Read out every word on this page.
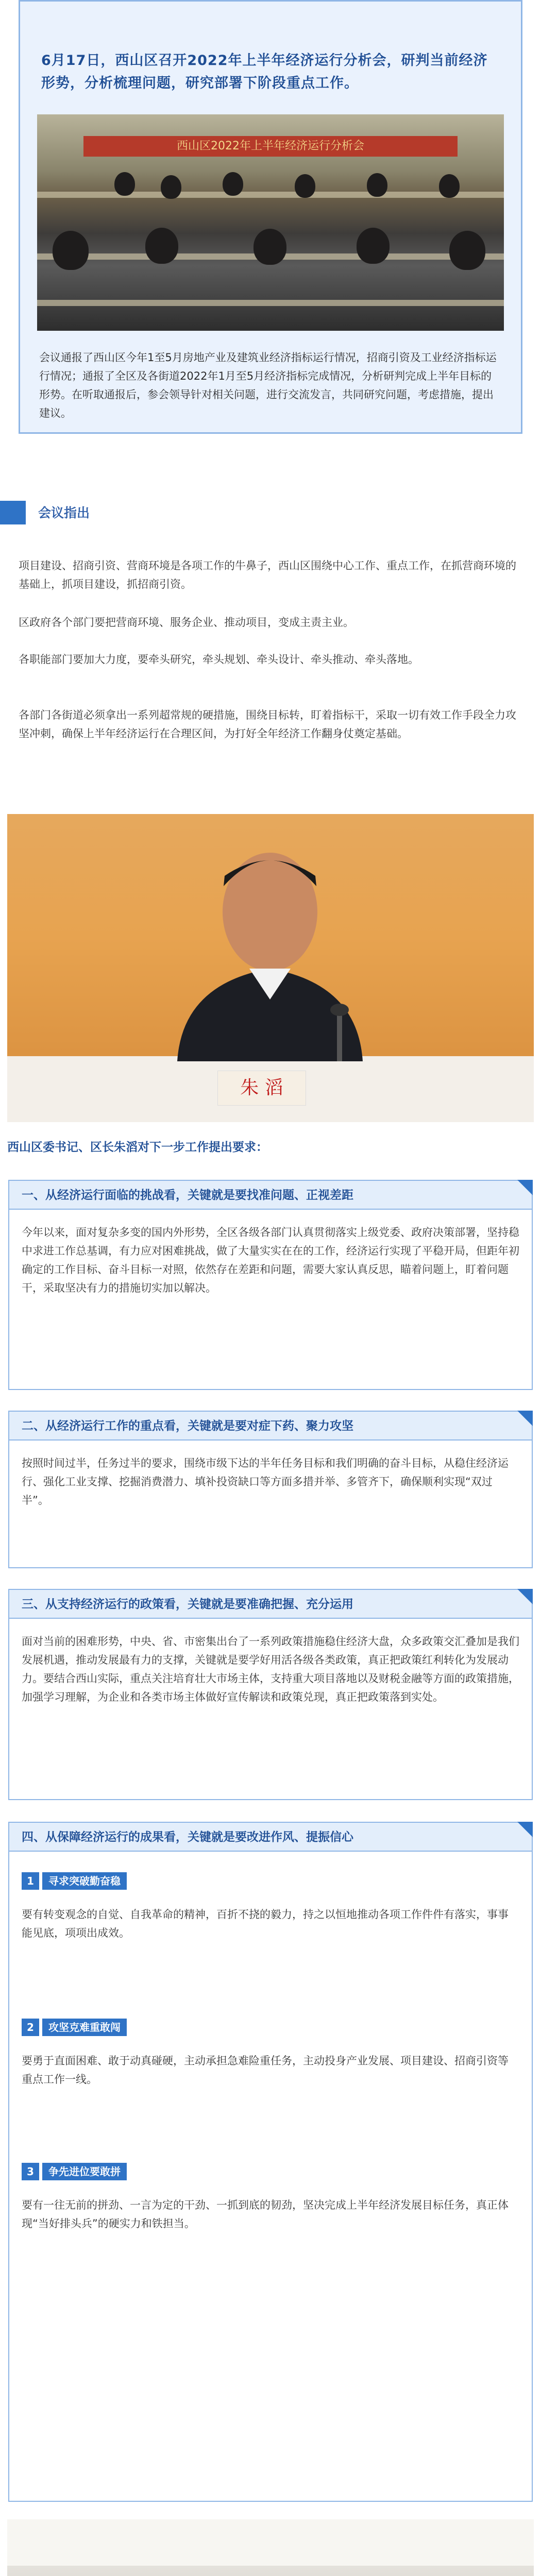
6月17日，西山区召开2022年上半年经济运行分析会，研判当前经济形势，分析梳理问题，研究部署下阶段重点工作。
西山区2022年上半年经济运行分析会
会议通报了西山区今年1至5月房地产业及建筑业经济指标运行情况，招商引资及工业经济指标运行情况；通报了全区及各街道2022年1月至5月经济指标完成情况，分析研判完成上半年目标的形势。在听取通报后，参会领导针对相关问题，进行交流发言，共同研究问题，考虑措施，提出建议。
会议指出
项目建设、招商引资、营商环境是各项工作的牛鼻子，西山区围绕中心工作、重点工作，在抓营商环境的基础上，抓项目建设，抓招商引资。
区政府各个部门要把营商环境、服务企业、推动项目，变成主责主业。
各职能部门要加大力度，要牵头研究，牵头规划、牵头设计、牵头推动、牵头落地。
各部门各街道必须拿出一系列超常规的硬措施，围绕目标转，盯着指标干，采取一切有效工作手段全力攻坚冲刺，确保上半年经济运行在合理区间，为打好全年经济工作翻身仗奠定基础。
朱 滔
西山区委书记、区长朱滔对下一步工作提出要求：
一、从经济运行面临的挑战看，关键就是要找准问题、正视差距
今年以来，面对复杂多变的国内外形势，全区各级各部门认真贯彻落实上级党委、政府决策部署，坚持稳中求进工作总基调，有力应对困难挑战，做了大量实实在在的工作，经济运行实现了平稳开局，但距年初确定的工作目标、奋斗目标一对照，依然存在差距和问题，需要大家认真反思，瞄着问题上，盯着问题干，采取坚决有力的措施切实加以解决。
二、从经济运行工作的重点看，关键就是要对症下药、聚力攻坚
按照时间过半，任务过半的要求，围绕市级下达的半年任务目标和我们明确的奋斗目标，从稳住经济运行、强化工业支撑、挖掘消费潜力、填补投资缺口等方面多措并举、多管齐下，确保顺利实现“双过半”。
三、从支持经济运行的政策看，关键就是要准确把握、充分运用
面对当前的困难形势，中央、省、市密集出台了一系列政策措施稳住经济大盘，众多政策交汇叠加是我们发展机遇，推动发展最有力的支撑，关键就是要学好用活各级各类政策，真正把政策红利转化为发展动力。要结合西山实际，重点关注培育壮大市场主体，支持重大项目落地以及财税金融等方面的政策措施，加强学习理解，为企业和各类市场主体做好宣传解读和政策兑现，真正把政策落到实处。
四、从保障经济运行的成果看，关键就是要改进作风、提振信心
1 寻求突破勤奋稳
要有转变观念的自觉、自我革命的精神，百折不挠的毅力，持之以恒地推动各项工作件件有落实，事事能见底，项项出成效。
2 攻坚克难重敢闯
要勇于直面困难、敢于动真碰硬，主动承担急难险重任务，主动投身产业发展、项目建设、招商引资等重点工作一线。
3 争先进位要敢拼
要有一往无前的拼劲、一言为定的干劲、一抓到底的韧劲，坚决完成上半年经济发展目标任务，真正体现“当好排头兵”的硬实力和铁担当。
